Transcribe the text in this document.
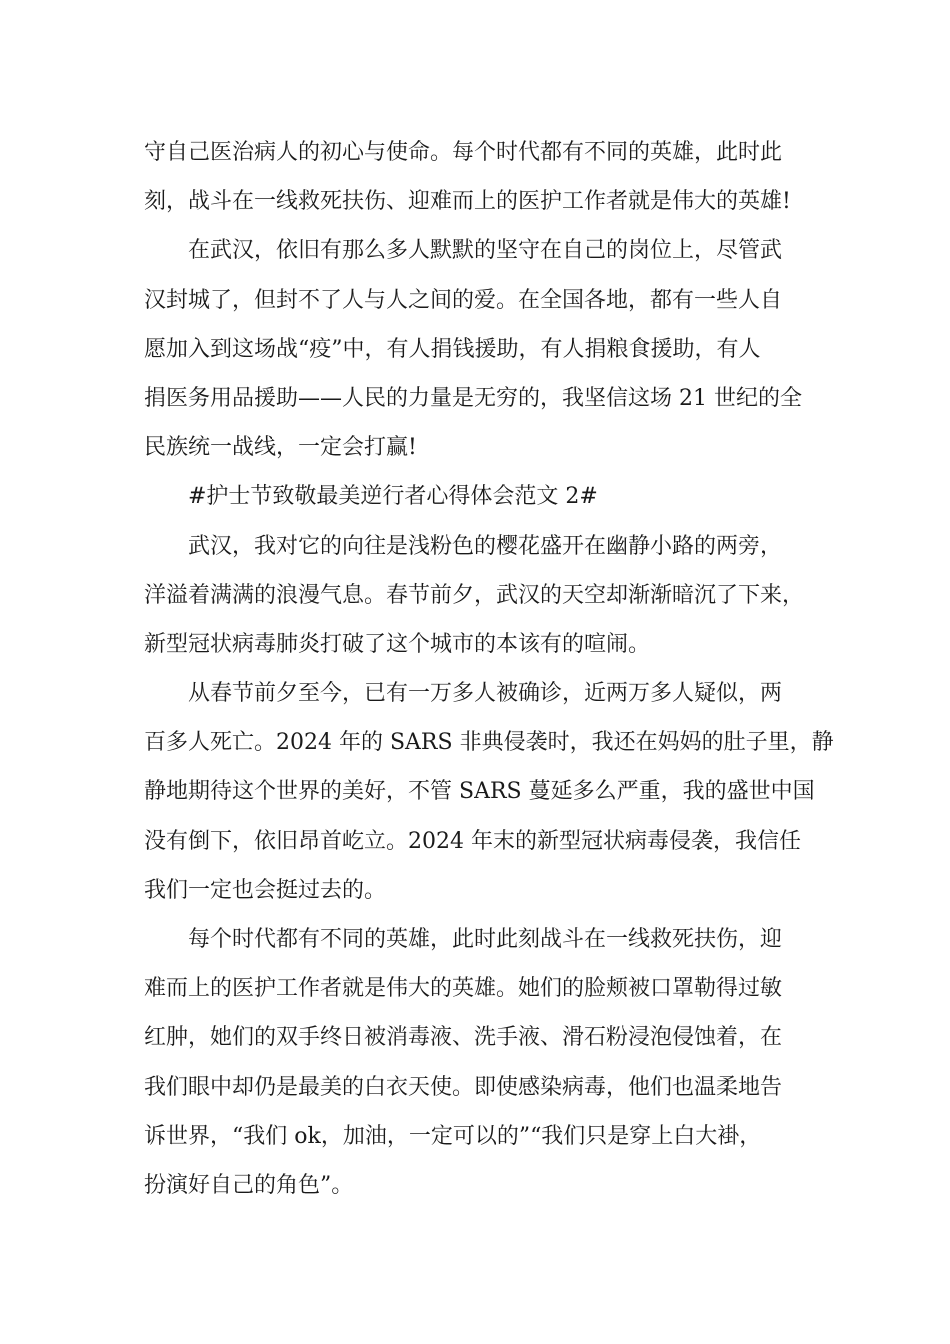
守自己医治病人的初心与使命。每个时代都有不同的英雄，此时此
刻，战斗在一线救死扶伤、迎难而上的医护工作者就是伟大的英雄!
在武汉，依旧有那么多人默默的坚守在自己的岗位上，尽管武
汉封城了，但封不了人与人之间的爱。在全国各地，都有一些人自
愿加入到这场战“疫”中，有人捐钱援助，有人捐粮食援助，有人
捐医务用品援助——人民的力量是无穷的，我坚信这场 21 世纪的全
民族统一战线，一定会打赢!
#护士节致敬最美逆行者心得体会范文 2#
武汉，我对它的向往是浅粉色的樱花盛开在幽静小路的两旁，
洋溢着满满的浪漫气息。春节前夕，武汉的天空却渐渐暗沉了下来，
新型冠状病毒肺炎打破了这个城市的本该有的喧闹。
从春节前夕至今，已有一万多人被确诊，近两万多人疑似，两
百多人死亡。2024 年的 SARS 非典侵袭时，我还在妈妈的肚子里，静
静地期待这个世界的美好，不管 SARS 蔓延多么严重，我的盛世中国
没有倒下，依旧昂首屹立。2024 年末的新型冠状病毒侵袭，我信任
我们一定也会挺过去的。
每个时代都有不同的英雄，此时此刻战斗在一线救死扶伤，迎
难而上的医护工作者就是伟大的英雄。她们的脸颊被口罩勒得过敏
红肿，她们的双手终日被消毒液、洗手液、滑石粉浸泡侵蚀着，在
我们眼中却仍是最美的白衣天使。即使感染病毒，他们也温柔地告
诉世界，“我们 ok，加油，一定可以的”“我们只是穿上白大褂，
扮演好自己的角色”。
